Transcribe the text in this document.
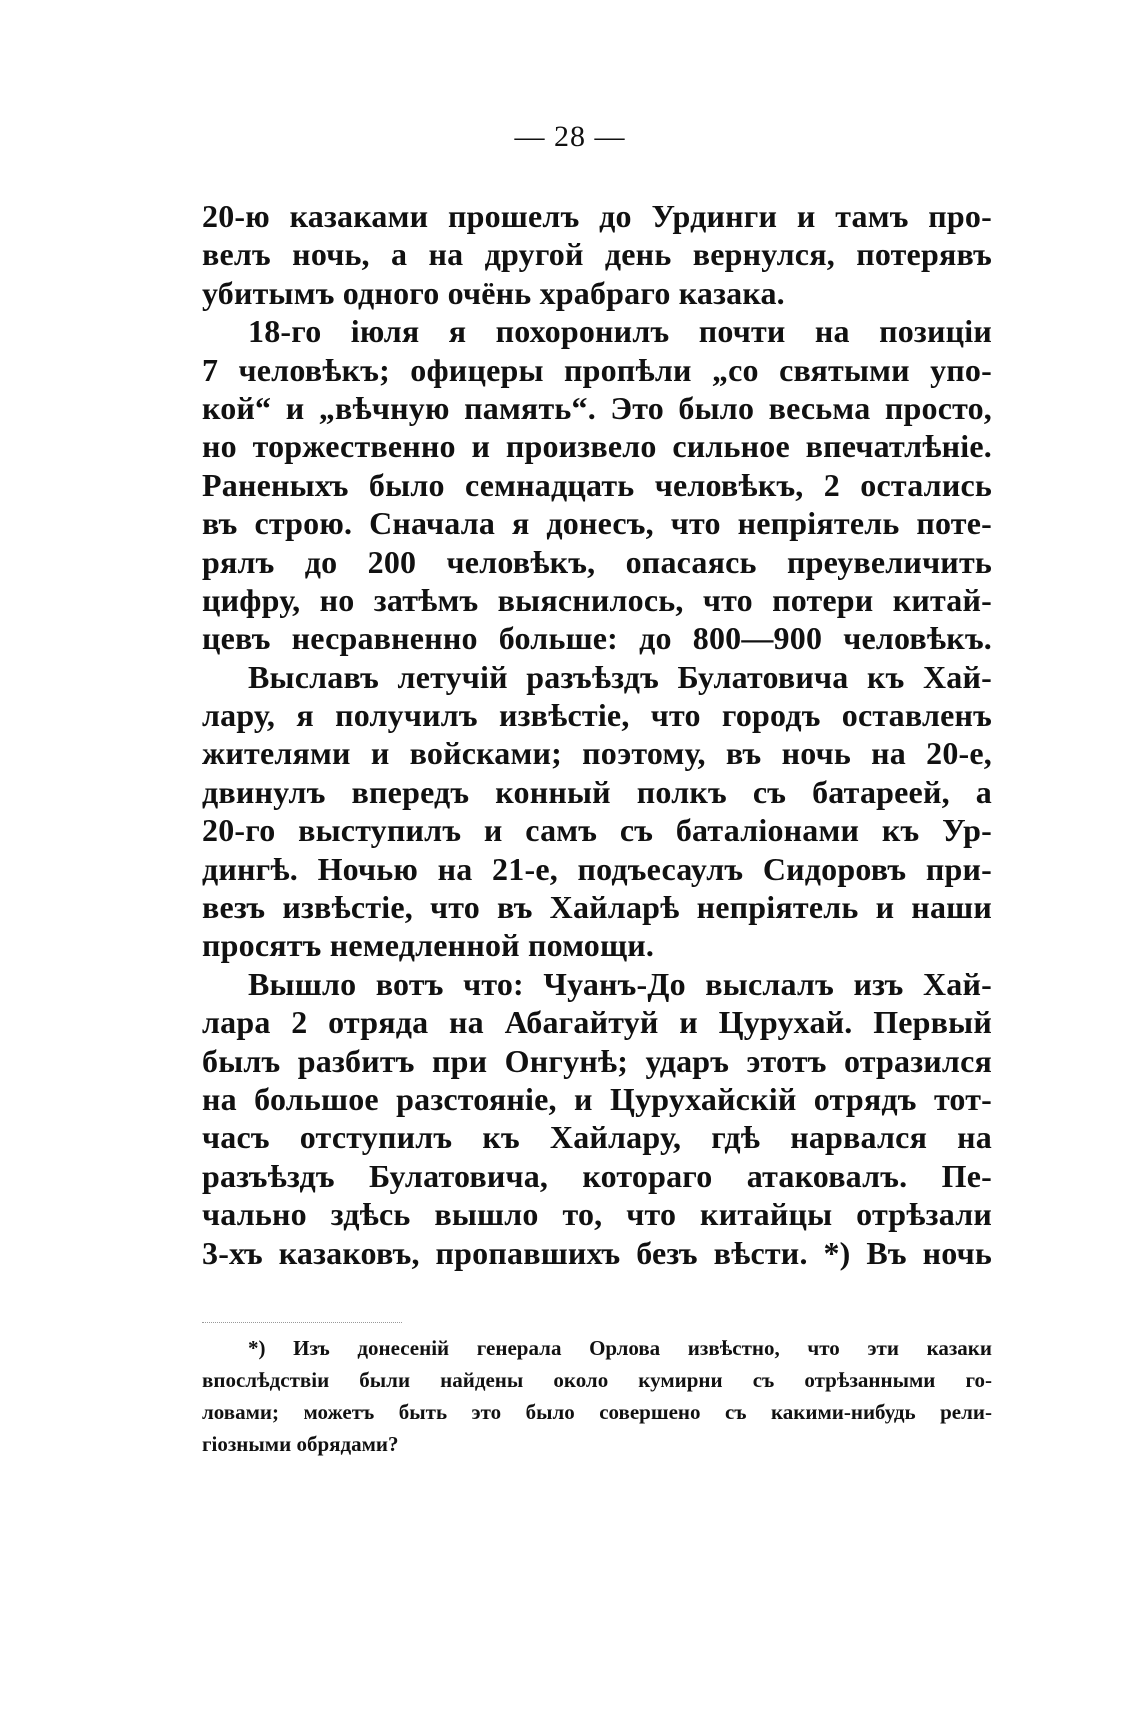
— 28 —
20-ю казаками прошелъ до Урдинги и тамъ про-
велъ ночь, а на другой день вернулся, потерявъ
убитымъ одного очёнь храбраго казака.
18-го іюля я похоронилъ почти на позиціи
7 человѣкъ; офицеры пропѣли „со святыми упо-
кой“ и „вѣчную память“. Это было весьма просто,
но торжественно и произвело сильное впечатлѣніе.
Раненыхъ было семнадцать человѣкъ, 2 остались
въ строю. Сначала я донесъ, что непріятель поте-
рялъ до 200 человѣкъ, опасаясь преувеличить
цифру, но затѣмъ выяснилось, что потери китай-
цевъ несравненно больше: до 800—900 человѣкъ.
Выславъ летучій разъѣздъ Булатовича къ Хай-
лару, я получилъ извѣстіе, что городъ оставленъ
жителями и войсками; поэтому, въ ночь на 20-е,
двинулъ впередъ конный полкъ съ батареей, а
20-го выступилъ и самъ съ баталіонами къ Ур-
дингѣ. Ночью на 21-е, подъесаулъ Сидоровъ при-
везъ извѣстіе, что въ Хайларѣ непріятель и наши
просятъ немедленной помощи.
Вышло вотъ что: Чуанъ-До выслалъ изъ Хай-
лара 2 отряда на Абагайтуй и Цурухай. Первый
былъ разбитъ при Онгунѣ; ударъ этотъ отразился
на большое разстояніе, и Цурухайскій отрядъ тот-
часъ отступилъ къ Хайлару, гдѣ нарвался на
разъѣздъ Булатовича, котораго атаковалъ. Пе-
чально здѣсь вышло то, что китайцы отрѣзали
3-хъ казаковъ, пропавшихъ безъ вѣсти. *) Въ ночь
*) Изъ донесеній генерала Орлова извѣстно, что эти казаки
впослѣдствіи были найдены около кумирни съ отрѣзанными го-
ловами; можетъ быть это было совершено съ какими-нибудь рели-
гіозными обрядами?
